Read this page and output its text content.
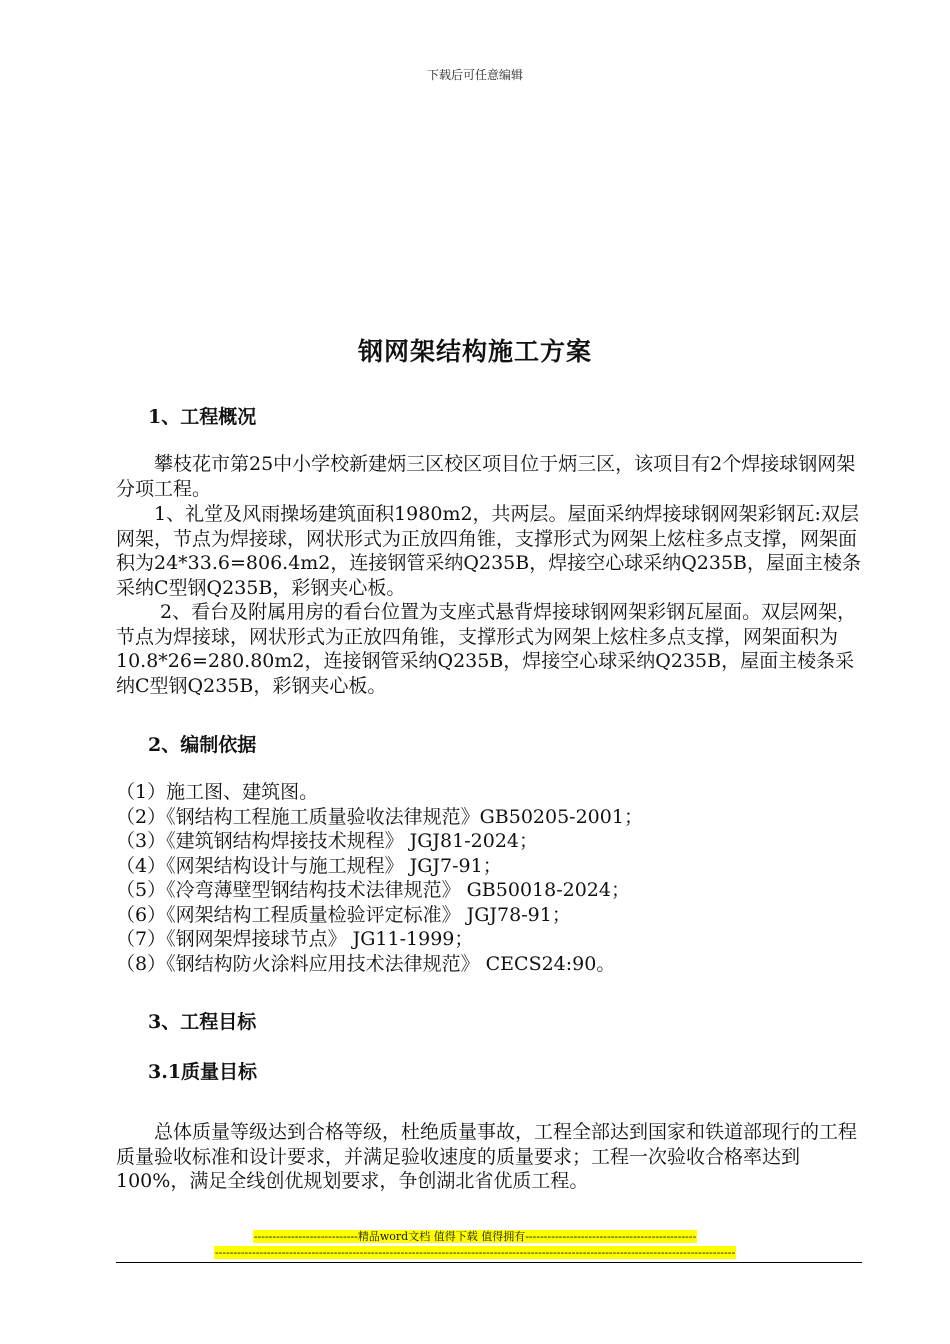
下载后可任意编辑
钢网架结构施工方案
1、工程概况
　　攀枝花市第25中小学校新建炳三区校区项目位于炳三区，该项目有2个焊接球钢网架分项工程。
　　1、礼堂及风雨操场建筑面积1980m2，共两层。屋面采纳焊接球钢网架彩钢瓦:双层网架，节点为焊接球，网状形式为正放四角锥，支撑形式为网架上炫柱多点支撑，网架面积为24*33.6=806.4m2，连接钢管采纳Q235B，焊接空心球采纳Q235B，屋面主棱条采纳C型钢Q235B，彩钢夹心板。
　　 2、看台及附属用房的看台位置为支座式悬背焊接球钢网架彩钢瓦屋面。双层网架，节点为焊接球，网状形式为正放四角锥，支撑形式为网架上炫柱多点支撑，网架面积为10.8*26=280.80m2，连接钢管采纳Q235B，焊接空心球采纳Q235B，屋面主棱条采纳C型钢Q235B，彩钢夹心板。
2、编制依据
（1）施工图、建筑图。
（2）《钢结构工程施工质量验收法律规范》GB50205-2001；
（3）《建筑钢结构焊接技术规程》 JGJ81-2024；
（4）《网架结构设计与施工规程》 JGJ7-91；
（5）《冷弯薄壁型钢结构技术法律规范》 GB50018-2024；
（6）《网架结构工程质量检验评定标准》 JGJ78-91；
（7）《钢网架焊接球节点》 JG11-1999；
（8）《钢结构防火涂料应用技术法律规范》 CECS24:90。
3、工程目标
3.1质量目标
　　总体质量等级达到合格等级，杜绝质量事故，工程全部达到国家和铁道部现行的工程质量验收标准和设计要求，并满足验收速度的质量要求；工程一次验收合格率达到100%，满足全线创优规划要求，争创湖北省优质工程。
----------------------------精品word文档 值得下载 值得拥有----------------------------------------------
--------------------------------------------------------------------------------------------------------------------------------------------
